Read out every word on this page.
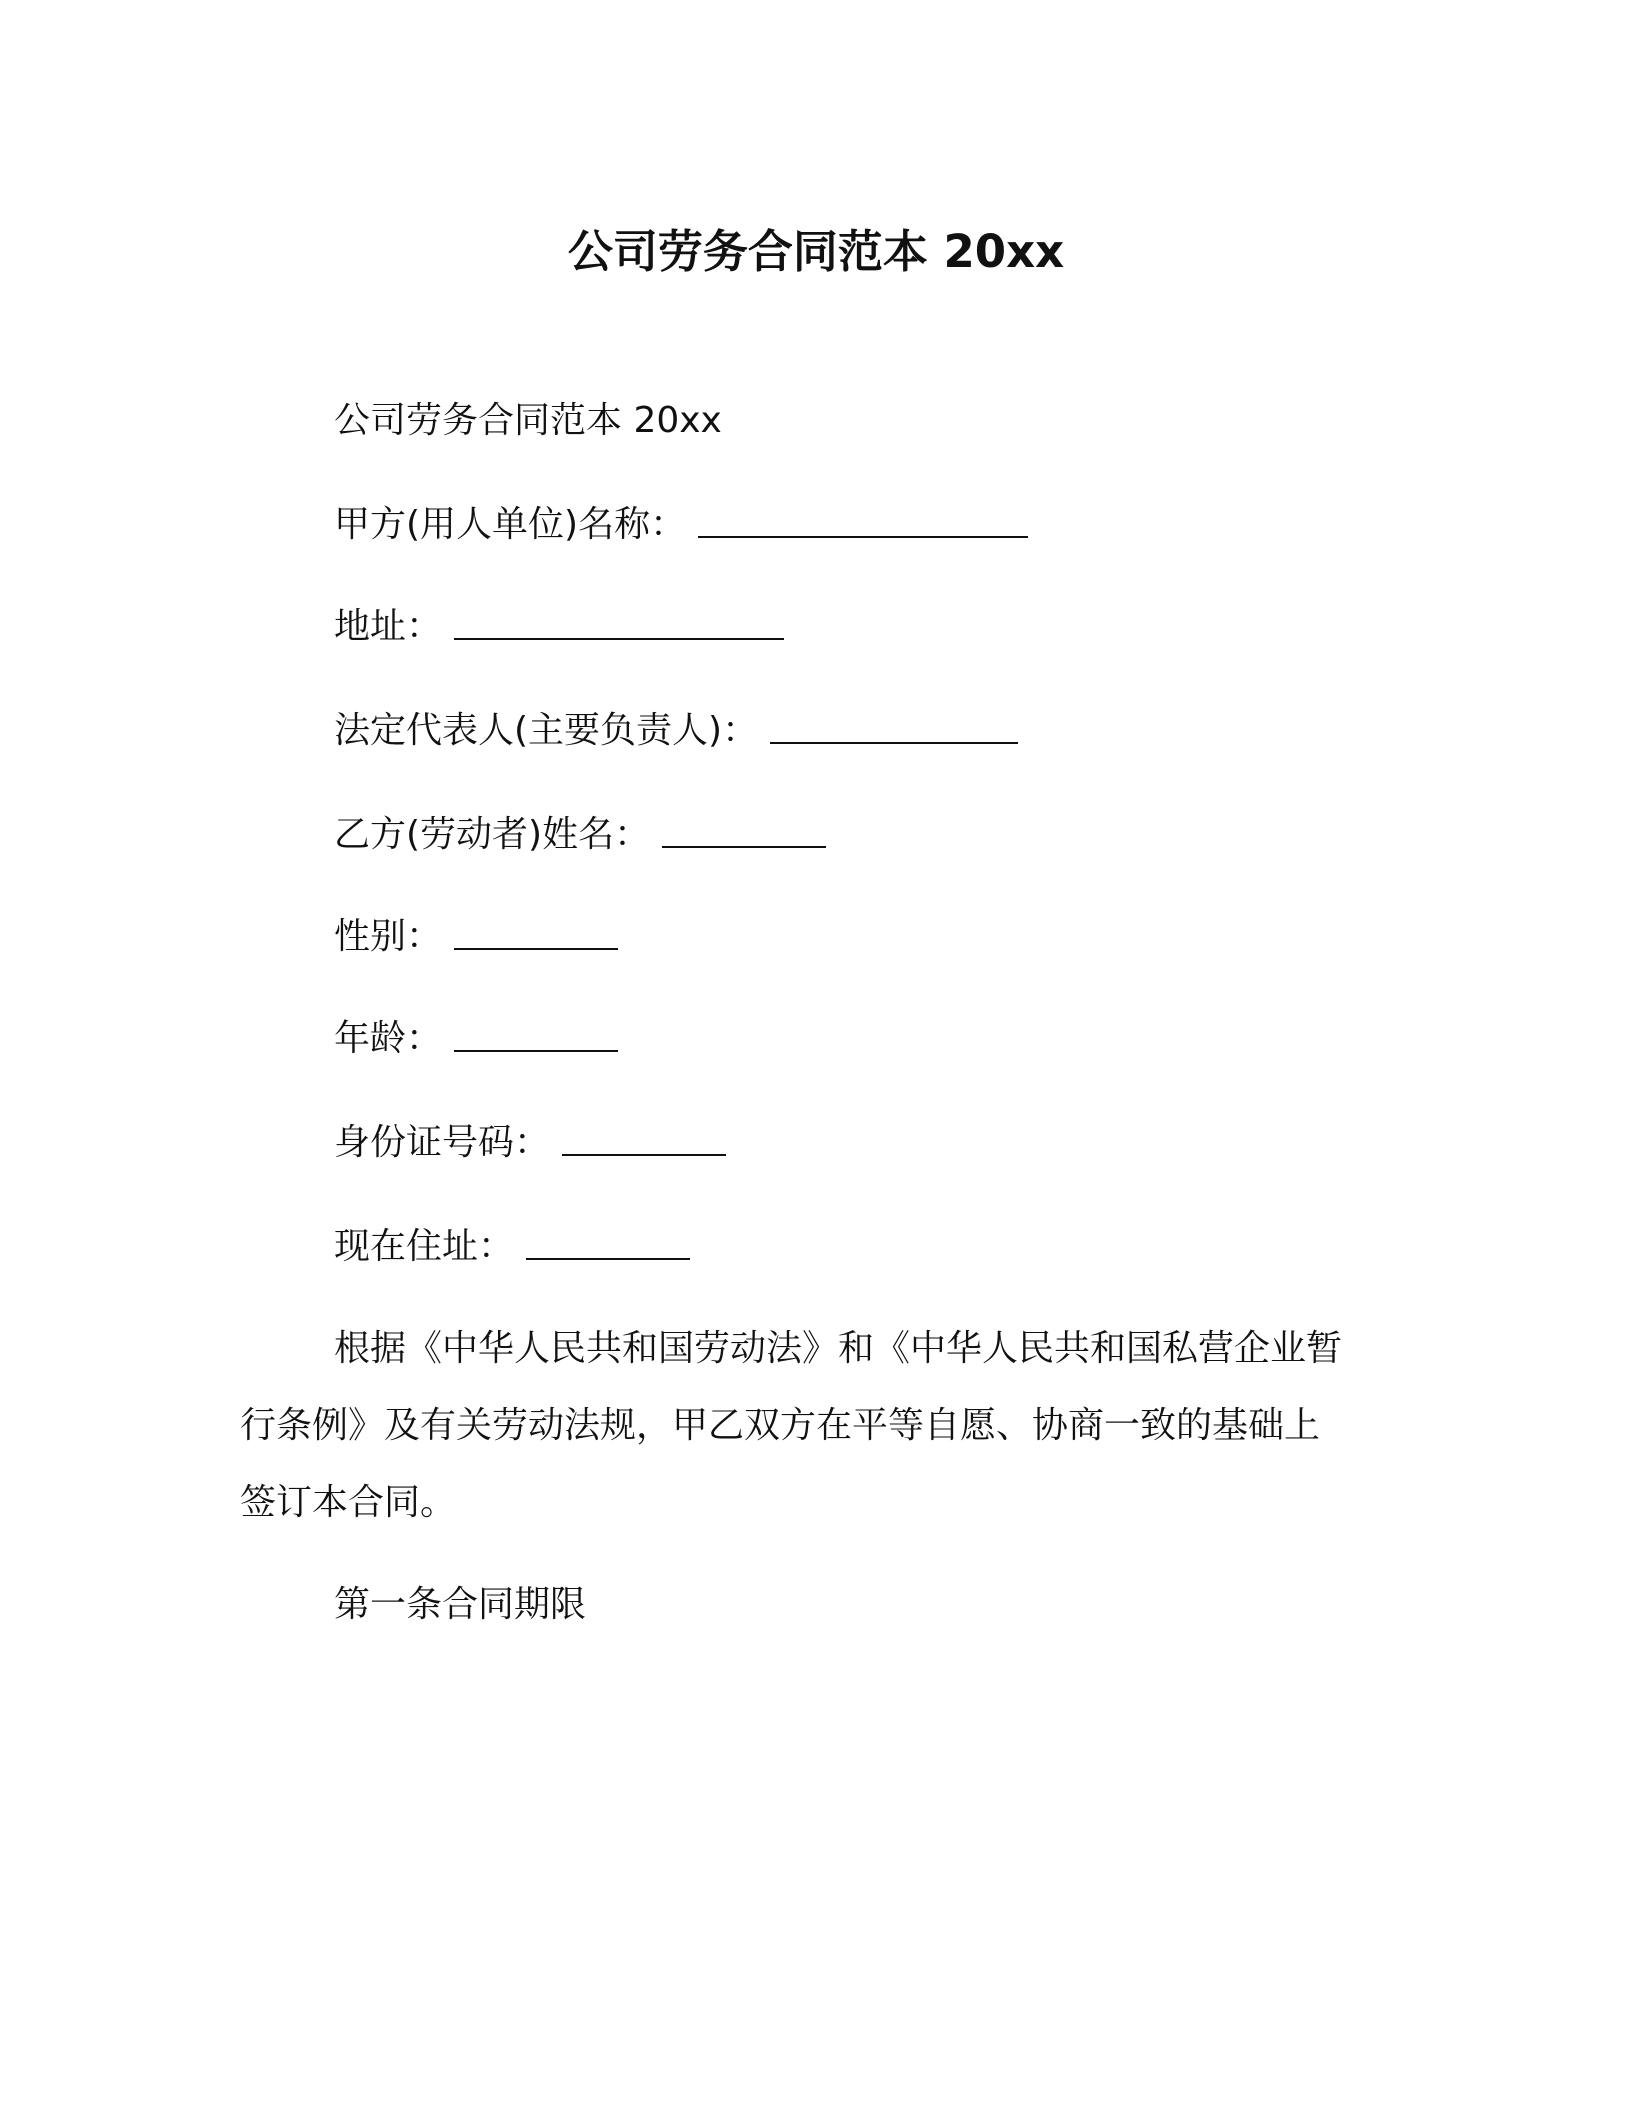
公司劳务合同范本 20xx
公司劳务合同范本 20xx
甲方(用人单位)名称：
地址：
法定代表人(主要负责人)：
乙方(劳动者)姓名：
性别：
年龄：
身份证号码：
现在住址：
根据《中华人民共和国劳动法》和《中华人民共和国私营企业暂
行条例》及有关劳动法规，甲乙双方在平等自愿、协商一致的基础上
签订本合同。
第一条合同期限
